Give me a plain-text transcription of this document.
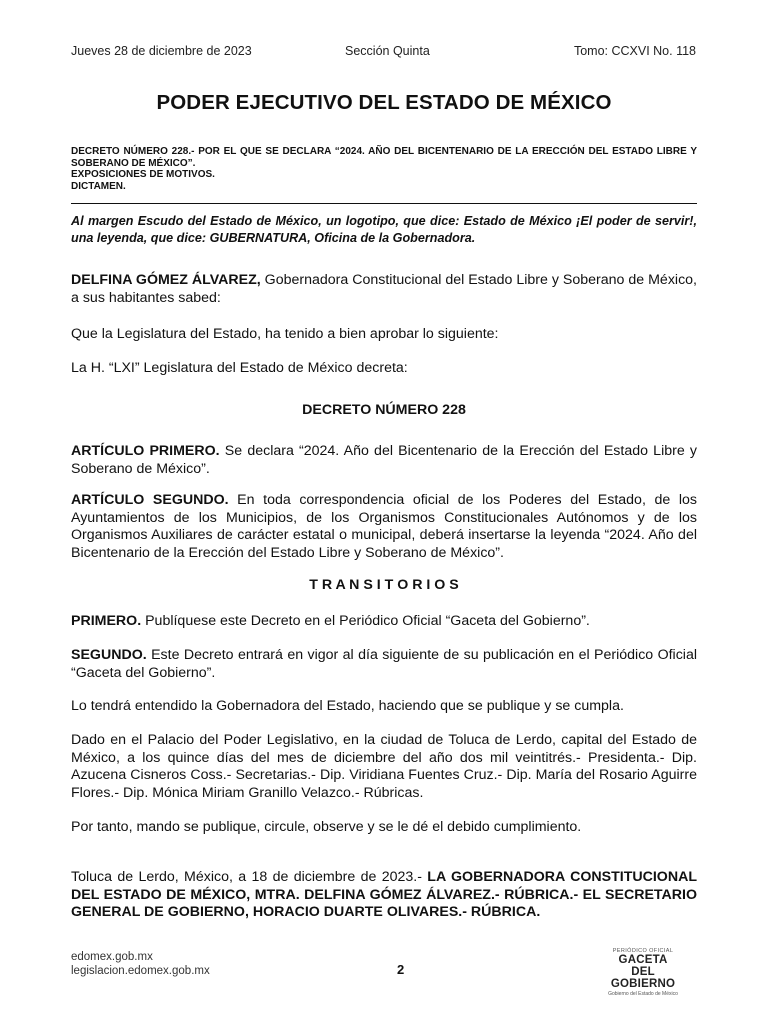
Jueves 28 de diciembre de 2023	Sección Quinta	Tomo: CCXVI No. 118
PODER EJECUTIVO DEL ESTADO DE MÉXICO
DECRETO NÚMERO 228.- POR EL QUE SE DECLARA “2024. AÑO DEL BICENTENARIO DE LA ERECCIÓN DEL ESTADO LIBRE Y SOBERANO DE MÉXICO”.
EXPOSICIONES DE MOTIVOS.
DICTAMEN.
Al margen Escudo del Estado de México, un logotipo, que dice: Estado de México ¡El poder de servir!, una leyenda, que dice: GUBERNATURA, Oficina de la Gobernadora.
DELFINA GÓMEZ ÁLVAREZ, Gobernadora Constitucional del Estado Libre y Soberano de México, a sus habitantes sabed:
Que la Legislatura del Estado, ha tenido a bien aprobar lo siguiente:
La H. “LXI” Legislatura del Estado de México decreta:
DECRETO NÚMERO 228
ARTÍCULO PRIMERO. Se declara “2024. Año del Bicentenario de la Erección del Estado Libre y Soberano de México”.
ARTÍCULO SEGUNDO. En toda correspondencia oficial de los Poderes del Estado, de los Ayuntamientos de los Municipios, de los Organismos Constitucionales Autónomos y de los Organismos Auxiliares de carácter estatal o municipal, deberá insertarse la leyenda “2024. Año del Bicentenario de la Erección del Estado Libre y Soberano de México”.
T R A N S I T O R I O S
PRIMERO. Publíquese este Decreto en el Periódico Oficial “Gaceta del Gobierno”.
SEGUNDO. Este Decreto entrará en vigor al día siguiente de su publicación en el Periódico Oficial “Gaceta del Gobierno”.
Lo tendrá entendido la Gobernadora del Estado, haciendo que se publique y se cumpla.
Dado en el Palacio del Poder Legislativo, en la ciudad de Toluca de Lerdo, capital del Estado de México, a los quince días del mes de diciembre del año dos mil veintitrés.- Presidenta.- Dip. Azucena Cisneros Coss.- Secretarias.- Dip. Viridiana Fuentes Cruz.- Dip. María del Rosario Aguirre Flores.- Dip. Mónica Miriam Granillo Velazco.- Rúbricas.
Por tanto, mando se publique, circule, observe y se le dé el debido cumplimiento.
Toluca de Lerdo, México, a 18 de diciembre de 2023.- LA GOBERNADORA CONSTITUCIONAL DEL ESTADO DE MÉXICO, MTRA. DELFINA GÓMEZ ÁLVAREZ.- RÚBRICA.- EL SECRETARIO GENERAL DE GOBIERNO, HORACIO DUARTE OLIVARES.- RÚBRICA.
edomex.gob.mx
legislacion.edomex.gob.mx	2
PERIÓDICO OFICIAL
GACETA
DEL GOBIERNO
Gobierno del Estado de México
